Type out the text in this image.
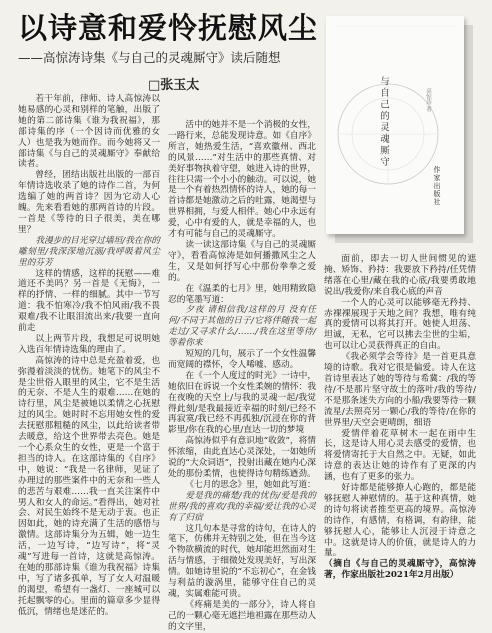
以诗意和爱怜抚慰风尘
——高惊涛诗集《与自己的灵魂厮守》读后随想
□张玉太	与自己的灵魂厮守	高惊涛 著
作家出版社

若干年前，律师、诗人高惊涛以她易感的心灵和别样的笔触，出版了她的第二部诗集《谁为我祝福》，那部诗集的序（一个因诗而优雅的女人）也是我为她而作。而今她将又一部诗集《与自己的灵魂厮守》奉献给读者。

曾经，团结出版社出版的一部百年情诗选收录了她的诗作二首，为何选编了她的两首诗？因为它动人心魄。先来看看她的那两首诗的片段。一首是《等待的日子很美，美在哪里？

我漫步的目光穿过墙垣/我在你的雕刻里/我深深地沉溺/我呼吸着风尘里的芬芳

这样的情感，这样的抚慰——难道还不美吗？另一首是《无悔》，一样的抒情、一样的细腻。其中一节写道：我不怕寒冷/我不怕风雨/我不畏艰难/我不让眼泪流出来/我要一直向前走

以上两节片段，我想足可说明她入选百年情诗选集的理由了。

高惊涛的诗中总是充盈着爱，也弥漫着淡淡的忧伤。她笔下的风尘不是尘世俗人眼里的风尘，它不是生活的无奈、不是人生的艰难……在她的诗行里，风尘是被她以柔情之心抚慰过的风尘。她时时不忘用她女性的爱去抚慰那粗糙的风尘，以此给读者带去暖意，给这个世界带去亮色。她是一个心系众生的女性，更是一个富于担当的诗人。在这部诗集的《自序》中，她说：“我是一名律师，见证了办理过的那些案件中的无奈和一些人的悲苦与艰难……我一直关注案件中男人和女人的命运。”看得出，她对社会、对民生始终不是无动于衷。也正因如此，她的诗充满了生活的感悟与激情。这部诗集分为五辑，她一边生活，一边写诗，“边写诗”，将“灵魂”写进每一首诗，这就是高惊涛。在她的那部诗集《谁为我祝福》诗集中，写了诸多孤单，写了女人对温暖的渴望，希望有一盏灯、一座城可以托起飘零的心。里面的篇章多少显得低沉，情绪也是迷茫的。

活中的她并不是一个消极的女性，一路行来，总能发现诗意。如《自序》所言，她热爱生活，“喜欢徽州、西北的风景……”对生活中的那些真情、对美好事物执着守望，她进入诗的世界，往往只需一个小小的触动。可以说，她是一个有着热烈情怀的诗人，她的每一首诗都是她激动之后的吐露，她渴望与世界相拥，与爱人相伴。她心中永远有爱，心中有爱的人，就是幸福的人，也才有可能与自己的灵魂厮守。

读一读这部诗集《与自己的灵魂厮守》，看看高惊涛是如何播撒风尘之人生，又是如何抒写心中那份拳拳之爱的。

在《温柔的七月》里，她用精致隐忍的笔墨写道：

夕夜 请相信我/这样的月 没有任何/不同于其他的日子/它将伴随我一起走过/又寻求什么/……/我在这里等待/等着你来

短短的几句，展示了一个女性温馨而宽阔的襟怀，令人唏嘘、感动。

在《一个人度过的时光》一诗中，她依旧在诉说一个女性柔婉的情怀：我在夜晚的天空上/与我的灵魂一起/我觉得此刻/是我最接近幸福的时刻/已经不再寂寞/我已经不再孤独/沉浸在你的背影里/你在我的心里/直达一切的梦境

高惊涛似乎有意识地“收敛”，将情怀浓缩，由此直达心灵深处，一如她所说的“大众词语”，投射出藏在她内心深处的那份柔情，也使得诗句精练遒劲。

《七月的思念》里，她如此写道：

爱是我的痛楚/我的忧伤/爱是我的世界/我的喜欢/我的幸福/爱让我的心灵有了归宿

这几句本是寻常的诗句，在诗人的笔下，仿佛并无特别之处，但在当今这个物欲横流的时代，她却能坦然面对生活与情感，于细微处发现美好，写出深情。如她诗里说的“不忘初心”，在金钱与利益的漩涡里，能够守住自己的灵魂，实属难能可贵。

《疼痛是美的一部分》，诗人将自己的一颗心毫无遮拦地袒露在那些动人的文字里，

面前，即去一切人世间惯见的遮掩、矫饰、矜持：我要放下矜持/任凭情绪落在心里/藏在我的心底/我要勇敢地说出/我爱你/来自我心底的声音

一个人的心灵可以能够毫无矜持、赤裸裸展现于天地之间？我想，唯有纯真的爱情可以将其打开。她使人坦荡、坦诚，无私，它可以拂去尘世的尘垢，也可以让心灵获得真正的自由。

《我必须学会等待》是一首更具意境的诗歌。我对它很是偏爱。诗人在这首诗里表达了她的等待与希冀：/我的等待/不是那片坚守故土的落叶/我的等待/不是那条迷失方向的小船/我要等待一颗流星/去照亮另一颗心/我的等待/在你的世界里/天空会更晴朗，细语

爱情伴着花草树木一起在雨中生长，这是诗人用心灵去感受的爱情，也将爱情寄托于大自然之中。无疑，如此诗意的表达让她的诗作有了更深的内涵，也有了更多的张力。

好诗都是能够撩人心跑的，都是能够抚慰人神慰情的。基于这种真情，她的诗句将读者推至更高的境界。高惊涛的诗作，有感情，有格调，有韵律，能够抚慰人心，能够让人沉浸于诗意之中。这就是诗人的价值，就是诗人的力量。

（摘自《与自己的灵魂厮守》，高惊涛著，作家出版社2021年2月出版）
